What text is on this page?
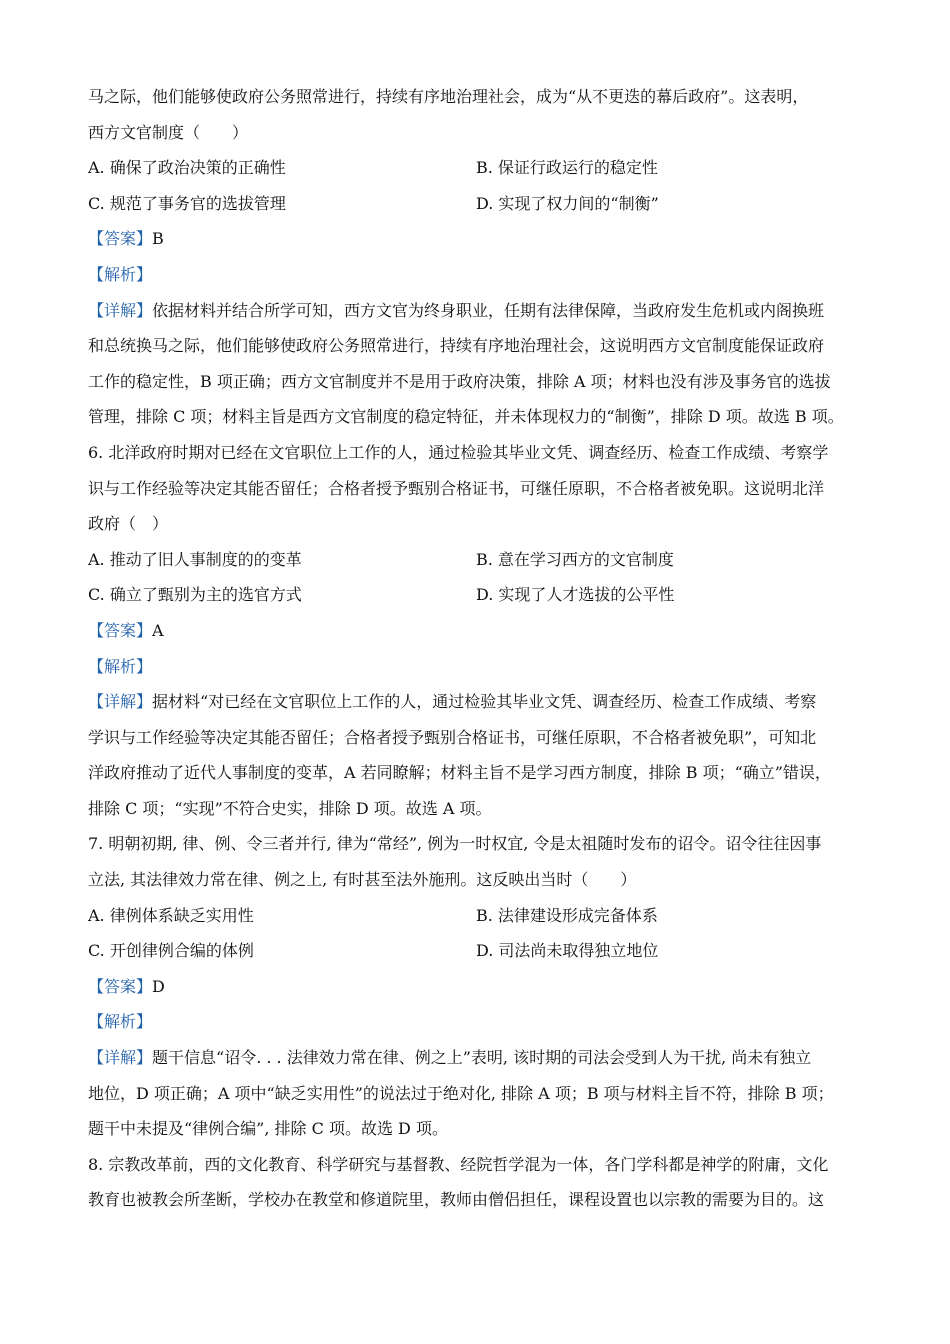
马之际，他们能够使政府公务照常进行，持续有序地治理社会，成为“从不更迭的幕后政府”。这表明，
西方文官制度（　　）
A. 确保了政治决策的正确性	B. 保证行政运行的稳定性
C. 规范了事务官的选拔管理	D. 实现了权力间的“制衡”
【答案】B
【解析】
【详解】依据材料并结合所学可知，西方文官为终身职业，任期有法律保障，当政府发生危机或内阁换班
和总统换马之际，他们能够使政府公务照常进行，持续有序地治理社会，这说明西方文官制度能保证政府
工作的稳定性，B 项正确；西方文官制度并不是用于政府决策，排除 A 项；材料也没有涉及事务官的选拔
管理，排除 C 项；材料主旨是西方文官制度的稳定特征，并未体现权力的“制衡”，排除 D 项。故选 B 项。
6. 北洋政府时期对已经在文官职位上工作的人，通过检验其毕业文凭、调查经历、检查工作成绩、考察学
识与工作经验等决定其能否留任；合格者授予甄别合格证书，可继任原职，不合格者被免职。这说明北洋
政府（　）
A. 推动了旧人事制度的的变革	B. 意在学习西方的文官制度
C. 确立了甄别为主的选官方式	D. 实现了人才选拔的公平性
【答案】A
【解析】
【详解】据材料“对已经在文官职位上工作的人，通过检验其毕业文凭、调查经历、检查工作成绩、考察
学识与工作经验等决定其能否留任；合格者授予甄别合格证书，可继任原职，不合格者被免职”，可知北
洋政府推动了近代人事制度的变革，A 若同瞭解；材料主旨不是学习西方制度，排除 B 项；“确立”错误，
排除 C 项；“实现”不符合史实，排除 D 项。故选 A 项。
7. 明朝初期, 律、例、令三者并行, 律为“常经”, 例为一时权宜, 令是太祖随时发布的诏令。诏令往往因事
立法, 其法律效力常在律、例之上, 有时甚至法外施刑。这反映出当时（　　）
A. 律例体系缺乏实用性	B. 法律建设形成完备体系
C. 开创律例合编的体例	D. 司法尚未取得独立地位
【答案】D
【解析】
【详解】题干信息“诏令. . . 法律效力常在律、例之上”表明, 该时期的司法会受到人为干扰, 尚未有独立
地位，D 项正确；A 项中“缺乏实用性”的说法过于绝对化, 排除 A 项；B 项与材料主旨不符，排除 B 项；
题干中未提及“律例合编”, 排除 C 项。故选 D 项。
8. 宗教改革前，西的文化教育、科学研究与基督教、经院哲学混为一体，各门学科都是神学的附庸，文化
教育也被教会所垄断，学校办在教堂和修道院里，教师由僧侣担任，课程设置也以宗教的需要为目的。这
